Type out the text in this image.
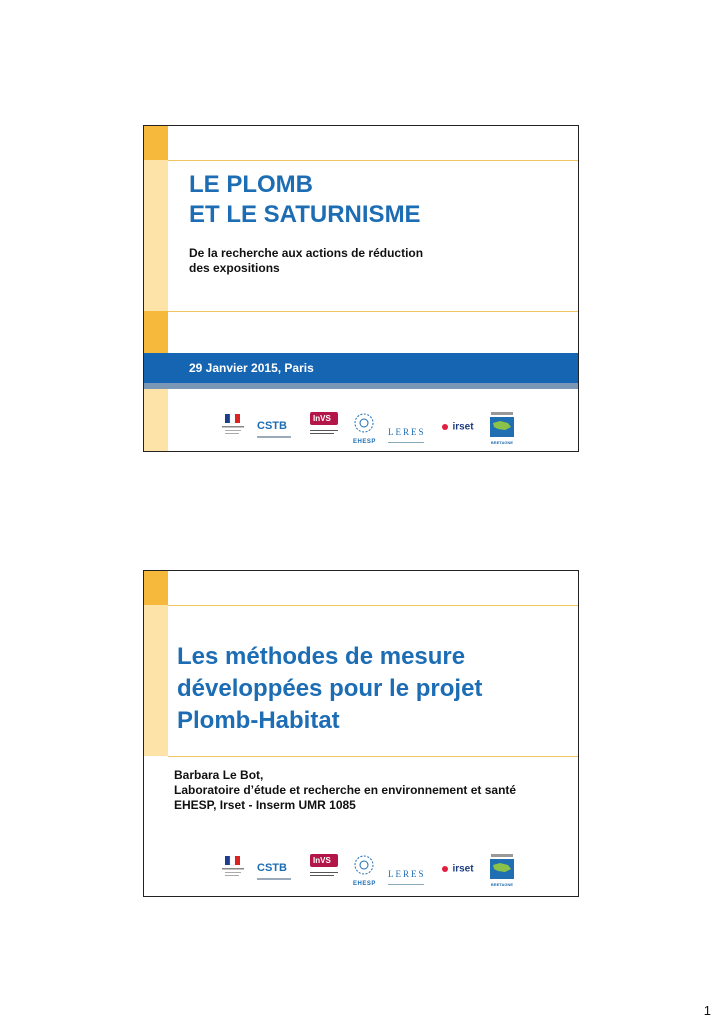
LE PLOMB
ET LE SATURNISME

De la recherche aux actions de réduction
des expositions

29 Janvier 2015, Paris
CSTB
InVS
EHESP
LERES	irset
BRETAGNE
Les méthodes de mesure
développées pour le projet
Plomb-Habitat

Barbara Le Bot,
Laboratoire d’étude et recherche en environnement et santé
EHESP, Irset - Inserm UMR 1085

CSTB
InVS
EHESP
LERES	irset
BRETAGNE

1
